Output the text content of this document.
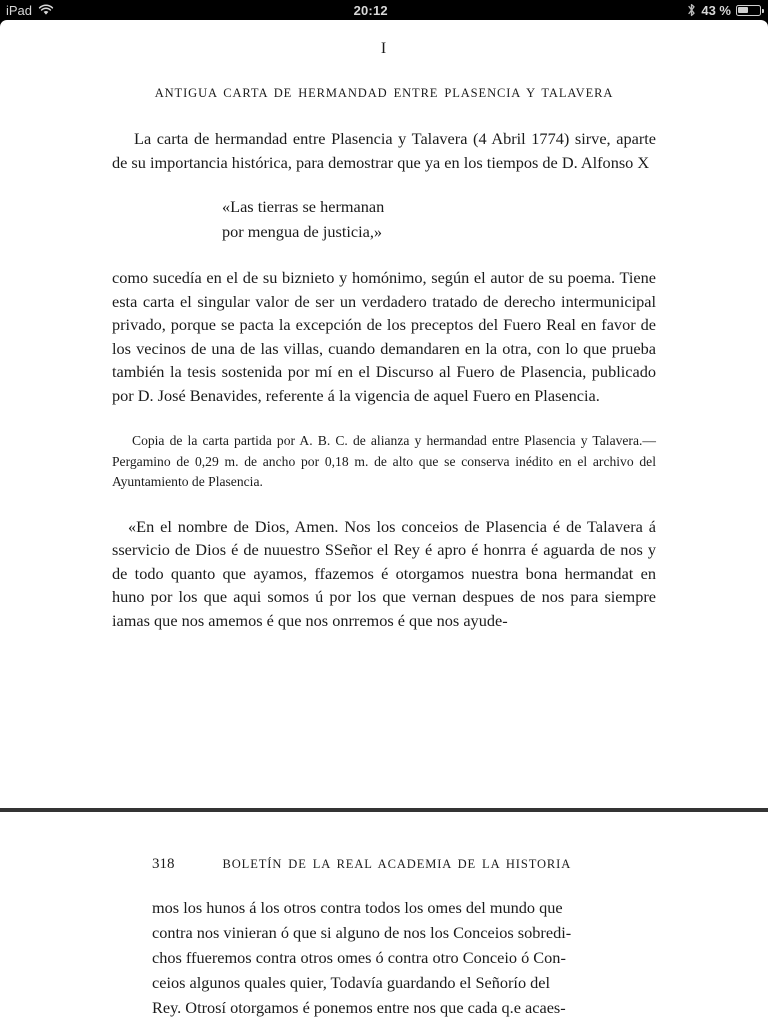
iPad	20:12	43 %
I
ANTIGUA CARTA DE HERMANDAD ENTRE PLASENCIA Y TALAVERA

La carta de hermandad entre Plasencia y Talavera (4 Abril 1774) sirve, aparte de su importancia histórica, para demostrar que ya en los tiempos de D. Alfonso X

«Las tierras se hermanan
por mengua de justicia,»

como sucedía en el de su biznieto y homónimo, según el autor de su poema. Tiene esta carta el singular valor de ser un verdadero tratado de derecho intermunicipal privado, porque se pacta la excepción de los preceptos del Fuero Real en favor de los vecinos de una de las villas, cuando demandaren en la otra, con lo que prueba también la tesis sostenida por mí en el Discurso al Fuero de Plasencia, publicado por D. José Benavides, referente á la vigencia de aquel Fuero en Plasencia.

Copia de la carta partida por A. B. C. de alianza y hermandad entre Plasencia y Talavera.—Pergamino de 0,29 m. de ancho por 0,18 m. de alto que se conserva inédito en el archivo del Ayuntamiento de Plasencia.

«En el nombre de Dios, Amen. Nos los conceios de Plasencia é de Talavera á sservicio de Dios é de nuuestro SSeñor el Rey é apro é honrra é aguarda de nos y de todo quanto que ayamos, ffazemos é otorgamos nuestra bona hermandat en huno por los que aqui somos ú por los que vernan despues de nos para siempre iamas que nos amemos é que nos onrremos é que nos ayude-

318	BOLETÍN DE LA REAL ACADEMIA DE LA HISTORIA

mos los hunos á los otros contra todos los omes del mundo que
contra nos vinieran ó que si alguno de nos los Conceios sobredi-
chos ffueremos contra otros omes ó contra otro Conceio ó Con-
ceios algunos quales quier, Todavía guardando el Señorío del
Rey. Otrosí otorgamos é ponemos entre nos que cada q.e acaes-
